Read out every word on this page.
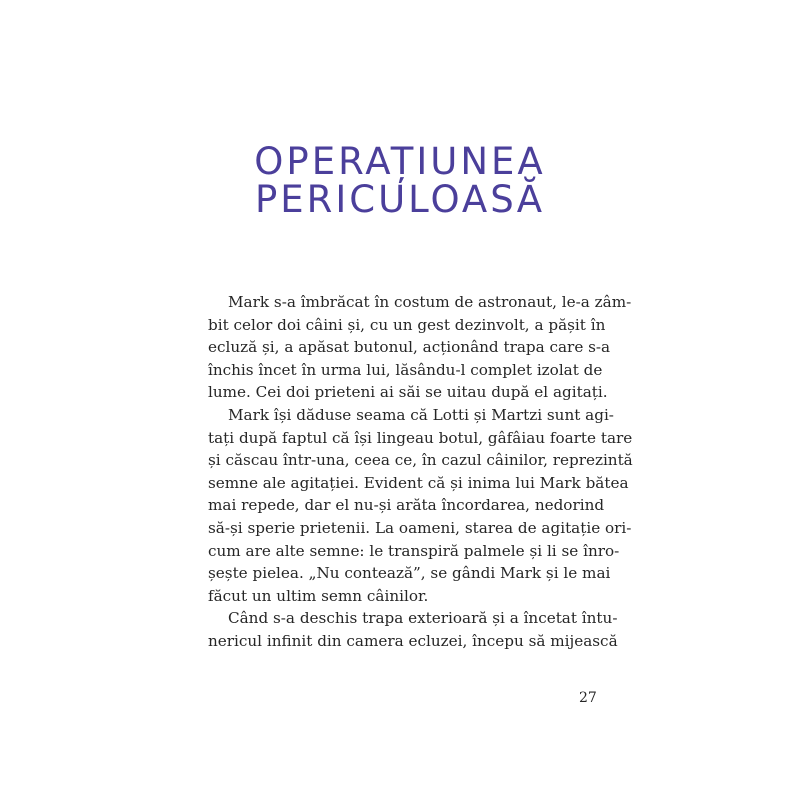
OPERAȚIUNEA
PERICULOASĂ
Mark s-a îmbrăcat în costum de astronaut, le-a zâm-
bit celor doi câini și, cu un gest dezinvolt, a pășit în
ecluză și, a apăsat butonul, acționând trapa care s-a
închis încet în urma lui, lăsându-l complet izolat de
lume. Cei doi prieteni ai săi se uitau după el agitați.
Mark își dăduse seama că Lotti și Martzi sunt agi-
tați după faptul că își lingeau botul, gâfâiau foarte tare
și căscau într-una, ceea ce, în cazul câinilor, reprezintă
semne ale agitației. Evident că și inima lui Mark bătea
mai repede, dar el nu-și arăta încordarea, nedorind
să-și sperie prietenii. La oameni, starea de agitație ori-
cum are alte semne: le transpiră palmele și li se înro-
șește pielea. „Nu contează”, se gândi Mark și le mai
făcut un ultim semn câinilor.
Când s-a deschis trapa exterioară și a încetat întu-
nericul infinit din camera ecluzei, începu să mijească
27
